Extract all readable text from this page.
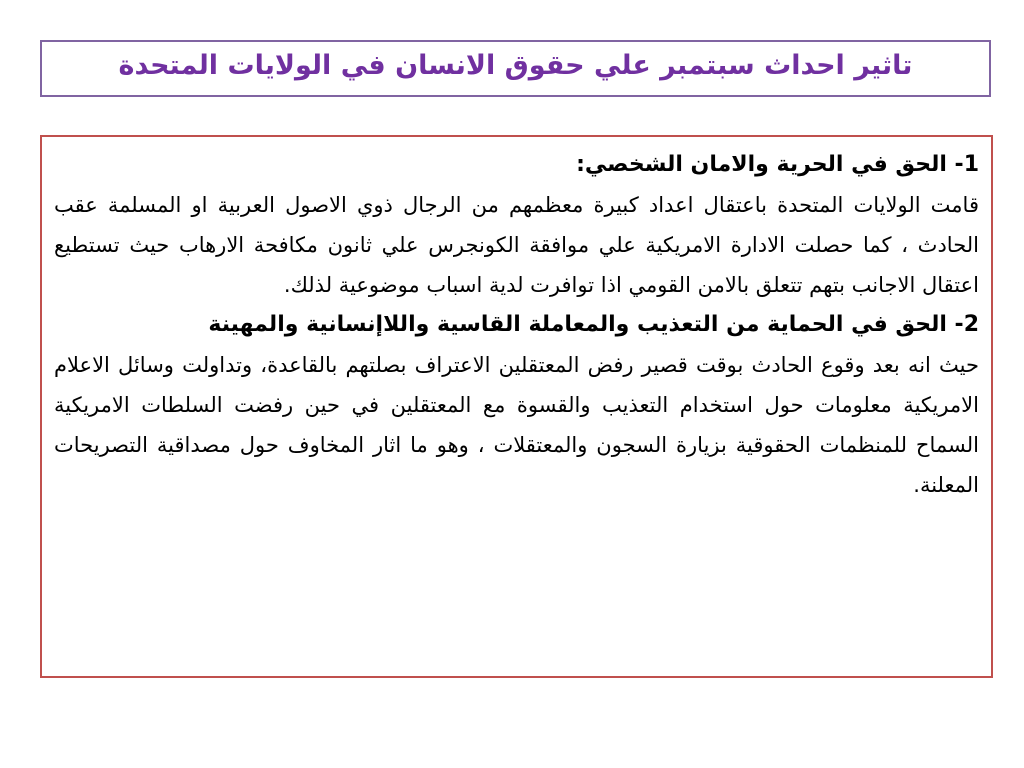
تاثير احداث سبتمبر علي حقوق الانسان في الولايات المتحدة

1- الحق في الحرية والامان الشخصي:

قامت الولايات المتحدة باعتقال اعداد كبيرة معظمهم من الرجال ذوي الاصول العربية او المسلمة عقب الحادث ، كما حصلت الادارة الامريكية علي موافقة الكونجرس علي ثانون مكافحة الارهاب حيث تستطيع اعتقال الاجانب بتهم تتعلق بالامن القومي اذا توافرت لدية اسباب موضوعية لذلك.

2- الحق في الحماية من التعذيب والمعاملة القاسية واللاإنسانية والمهينة

حيث انه بعد وقوع الحادث بوقت قصير رفض المعتقلين الاعتراف بصلتهم بالقاعدة، وتداولت وسائل الاعلام الامريكية معلومات حول استخدام التعذيب والقسوة مع المعتقلين في حين رفضت السلطات الامريكية السماح للمنظمات الحقوقية بزيارة السجون والمعتقلات ، وهو ما اثار المخاوف حول مصداقية التصريحات المعلنة.
